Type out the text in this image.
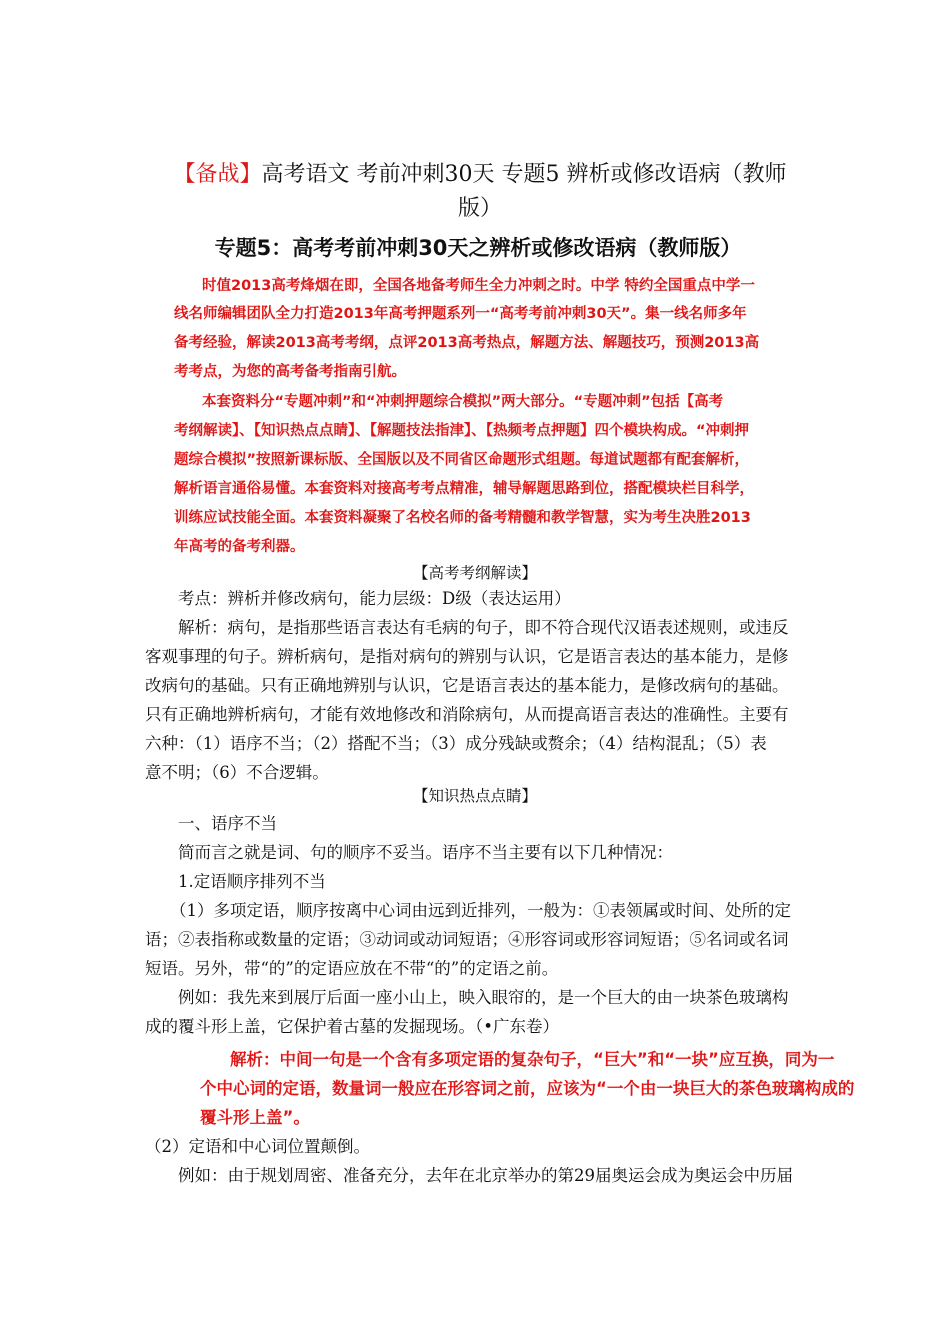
【备战】高考语文 考前冲刺30天 专题5 辨析或修改语病（教师
版）
专题5：高考考前冲刺30天之辨析或修改语病（教师版）
时值2013高考烽烟在即，全国各地备考师生全力冲刺之时。中学 特约全国重点中学一
线名师编辑团队全力打造2013年高考押题系列一“高考考前冲刺30天”。集一线名师多年
备考经验，解读2013高考考纲，点评2013高考热点，解题方法、解题技巧，预测2013高
考考点，为您的高考备考指南引航。
本套资料分“专题冲刺”和“冲刺押题综合模拟”两大部分。“专题冲刺”包括【高考
考纲解读】、【知识热点点睛】、【解题技法指津】、【热频考点押题】四个模块构成。“冲刺押
题综合模拟”按照新课标版、全国版以及不同省区命题形式组题。每道试题都有配套解析，
解析语言通俗易懂。本套资料对接高考考点精准，辅导解题思路到位，搭配模块栏目科学，
训练应试技能全面。本套资料凝聚了名校名师的备考精髓和教学智慧，实为考生决胜2013
年高考的备考利器。
【高考考纲解读】
考点：辨析并修改病句，能力层级：D级（表达运用）
解析：病句，是指那些语言表达有毛病的句子，即不符合现代汉语表述规则，或违反
客观事理的句子。辨析病句，是指对病句的辨别与认识，它是语言表达的基本能力，是修
改病句的基础。只有正确地辨别与认识，它是语言表达的基本能力，是修改病句的基础。
只有正确地辨析病句，才能有效地修改和消除病句，从而提高语言表达的准确性。主要有
六种：（1）语序不当；（2）搭配不当；（3）成分残缺或赘余；（4）结构混乱；（5）表
意不明；（6）不合逻辑。
【知识热点点睛】
一、语序不当
简而言之就是词、句的顺序不妥当。语序不当主要有以下几种情况：
1.定语顺序排列不当
（1）多项定语，顺序按离中心词由远到近排列，一般为：①表领属或时间、处所的定
语；②表指称或数量的定语；③动词或动词短语；④形容词或形容词短语；⑤名词或名词
短语。另外，带“的”的定语应放在不带“的”的定语之前。
例如：我先来到展厅后面一座小山上，映入眼帘的，是一个巨大的由一块茶色玻璃构
成的覆斗形上盖，它保护着古墓的发掘现场。（•广东卷）
解析：中间一句是一个含有多项定语的复杂句子，“巨大”和“一块”应互换，同为一
个中心词的定语，数量词一般应在形容词之前，应该为“一个由一块巨大的茶色玻璃构成的
覆斗形上盖”。
（2）定语和中心词位置颠倒。
例如：由于规划周密、准备充分，去年在北京举办的第29届奥运会成为奥运会中历届
